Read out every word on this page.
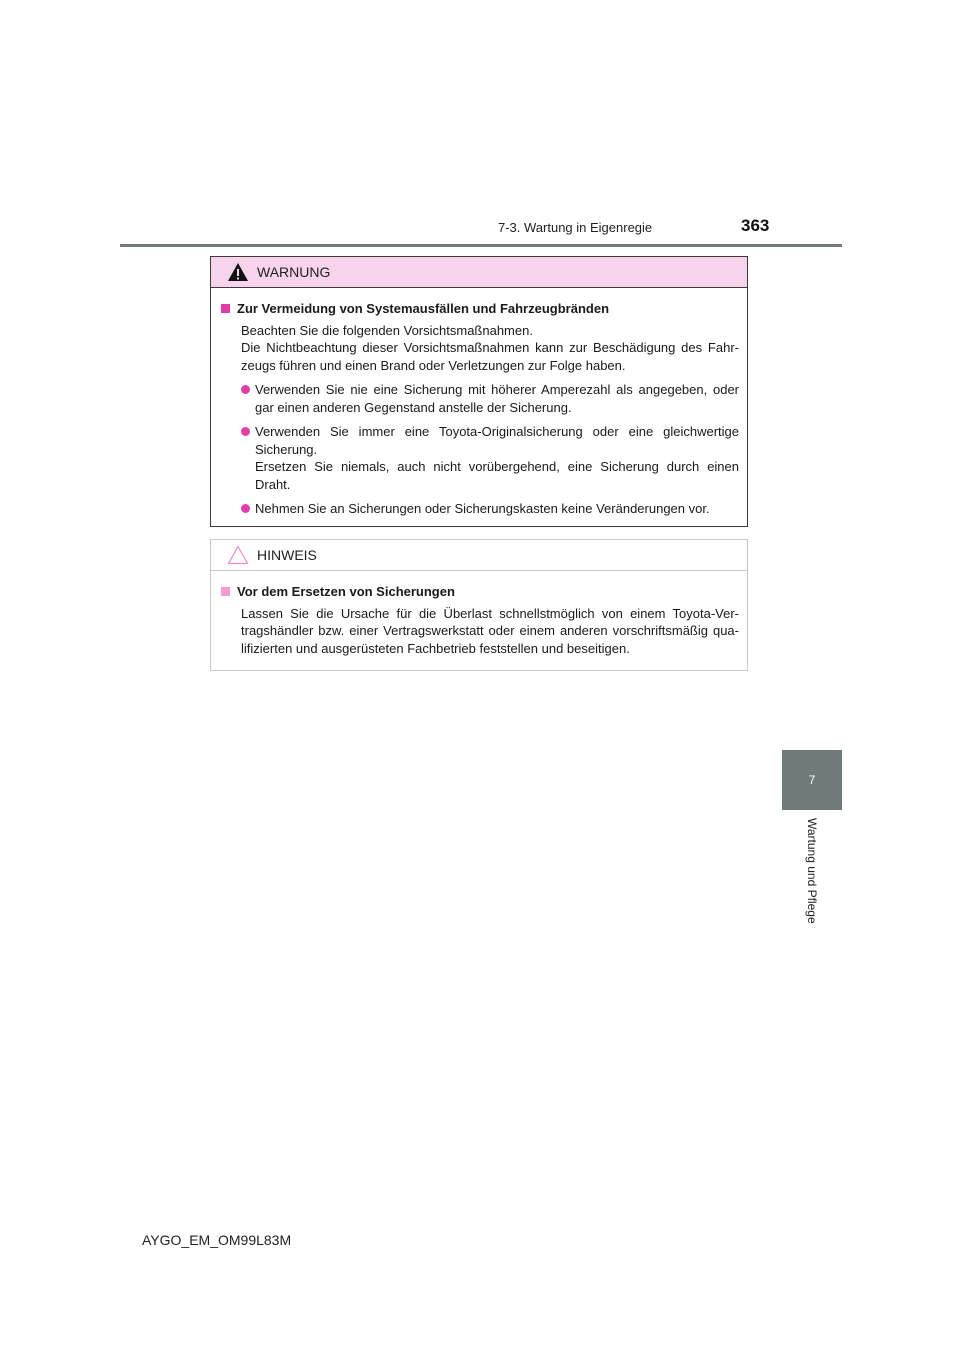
7-3. Wartung in Eigenregie	363
7
Wartung und Pflege
WARNUNG
Zur Vermeidung von Systemausfällen und Fahrzeugbränden
Beachten Sie die folgenden Vorsichtsmaßnahmen.
Die Nichtbeachtung dieser Vorsichtsmaßnahmen kann zur Beschädigung des Fahr-zeugs führen und einen Brand oder Verletzungen zur Folge haben.
Verwenden Sie nie eine Sicherung mit höherer Amperezahl als angegeben, oder gar einen anderen Gegenstand anstelle der Sicherung.
Verwenden Sie immer eine Toyota-Originalsicherung oder eine gleichwertige Sicherung.
Ersetzen Sie niemals, auch nicht vorübergehend, eine Sicherung durch einen Draht.
Nehmen Sie an Sicherungen oder Sicherungskasten keine Veränderungen vor.
HINWEIS
Vor dem Ersetzen von Sicherungen
Lassen Sie die Ursache für die Überlast schnellstmöglich von einem Toyota-Ver-tragshändler bzw. einer Vertragswerkstatt oder einem anderen vorschriftsmäßig qua-lifizierten und ausgerüsteten Fachbetrieb feststellen und beseitigen.
AYGO_EM_OM99L83M
